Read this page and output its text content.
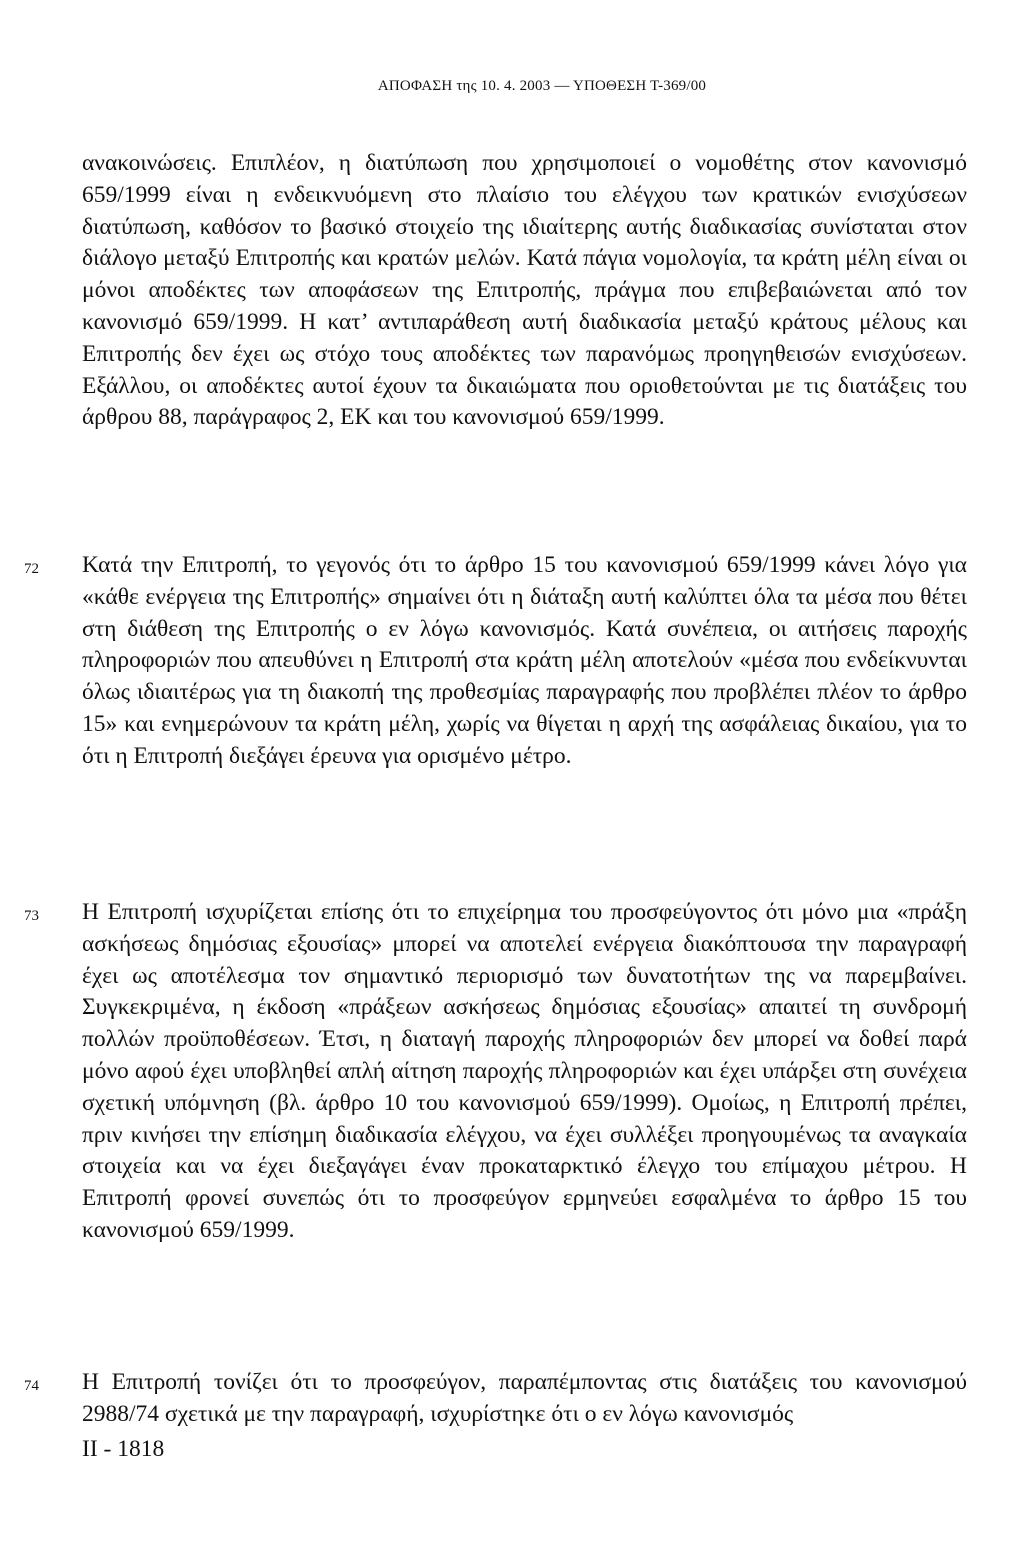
ΑΠΟΦΑΣΗ της 10. 4. 2003 — ΥΠΟΘΕΣΗ Τ-369/00

ανακοινώσεις. Επιπλέον, η διατύπωση που χρησιμοποιεί ο νομοθέτης στον κανονισμό 659/1999 είναι η ενδεικνυόμενη στο πλαίσιο του ελέγχου των κρατικών ενισχύσεων διατύπωση, καθόσον το βασικό στοιχείο της ιδιαίτερης αυτής διαδικασίας συνίσταται στον διάλογο μεταξύ Επιτροπής και κρατών μελών. Κατά πάγια νομολογία, τα κράτη μέλη είναι οι μόνοι αποδέκτες των αποφάσεων της Επιτροπής, πράγμα που επιβεβαιώνεται από τον κανονισμό 659/1999. Η κατ’ αντιπαράθεση αυτή διαδικασία μεταξύ κράτους μέλους και Επιτροπής δεν έχει ως στόχο τους αποδέκτες των παρανόμως προηγηθεισών ενισχύσεων. Εξάλλου, οι αποδέκτες αυτοί έχουν τα δικαιώματα που οριοθετούνται με τις διατάξεις του άρθρου 88, παράγραφος 2, ΕΚ και του κανονισμού 659/1999.

72 Κατά την Επιτροπή, το γεγονός ότι το άρθρο 15 του κανονισμού 659/1999 κάνει λόγο για «κάθε ενέργεια της Επιτροπής» σημαίνει ότι η διάταξη αυτή καλύπτει όλα τα μέσα που θέτει στη διάθεση της Επιτροπής ο εν λόγω κανονισμός. Κατά συνέπεια, οι αιτήσεις παροχής πληροφοριών που απευθύνει η Επιτροπή στα κράτη μέλη αποτελούν «μέσα που ενδείκνυνται όλως ιδιαιτέρως για τη διακοπή της προθεσμίας παραγραφής που προβλέπει πλέον το άρθρο 15» και ενημερώνουν τα κράτη μέλη, χωρίς να θίγεται η αρχή της ασφάλειας δικαίου, για το ότι η Επιτροπή διεξάγει έρευνα για ορισμένο μέτρο.

73 Η Επιτροπή ισχυρίζεται επίσης ότι το επιχείρημα του προσφεύγοντος ότι μόνο μια «πράξη ασκήσεως δημόσιας εξουσίας» μπορεί να αποτελεί ενέργεια διακόπτουσα την παραγραφή έχει ως αποτέλεσμα τον σημαντικό περιορισμό των δυνατοτήτων της να παρεμβαίνει. Συγκεκριμένα, η έκδοση «πράξεων ασκήσεως δημόσιας εξουσίας» απαιτεί τη συνδρομή πολλών προϋποθέσεων. Έτσι, η διαταγή παροχής πληροφοριών δεν μπορεί να δοθεί παρά μόνο αφού έχει υποβληθεί απλή αίτηση παροχής πληροφοριών και έχει υπάρξει στη συνέχεια σχετική υπόμνηση (βλ. άρθρο 10 του κανονισμού 659/1999). Ομοίως, η Επιτροπή πρέπει, πριν κινήσει την επίσημη διαδικασία ελέγχου, να έχει συλλέξει προηγουμένως τα αναγκαία στοιχεία και να έχει διεξαγάγει έναν προκαταρκτικό έλεγχο του επίμαχου μέτρου. Η Επιτροπή φρονεί συνεπώς ότι το προσφεύγον ερμηνεύει εσφαλμένα το άρθρο 15 του κανονισμού 659/1999.

74 Η Επιτροπή τονίζει ότι το προσφεύγον, παραπέμποντας στις διατάξεις του κανονισμού 2988/74 σχετικά με την παραγραφή, ισχυρίστηκε ότι ο εν λόγω κανονισμός

II - 1818
